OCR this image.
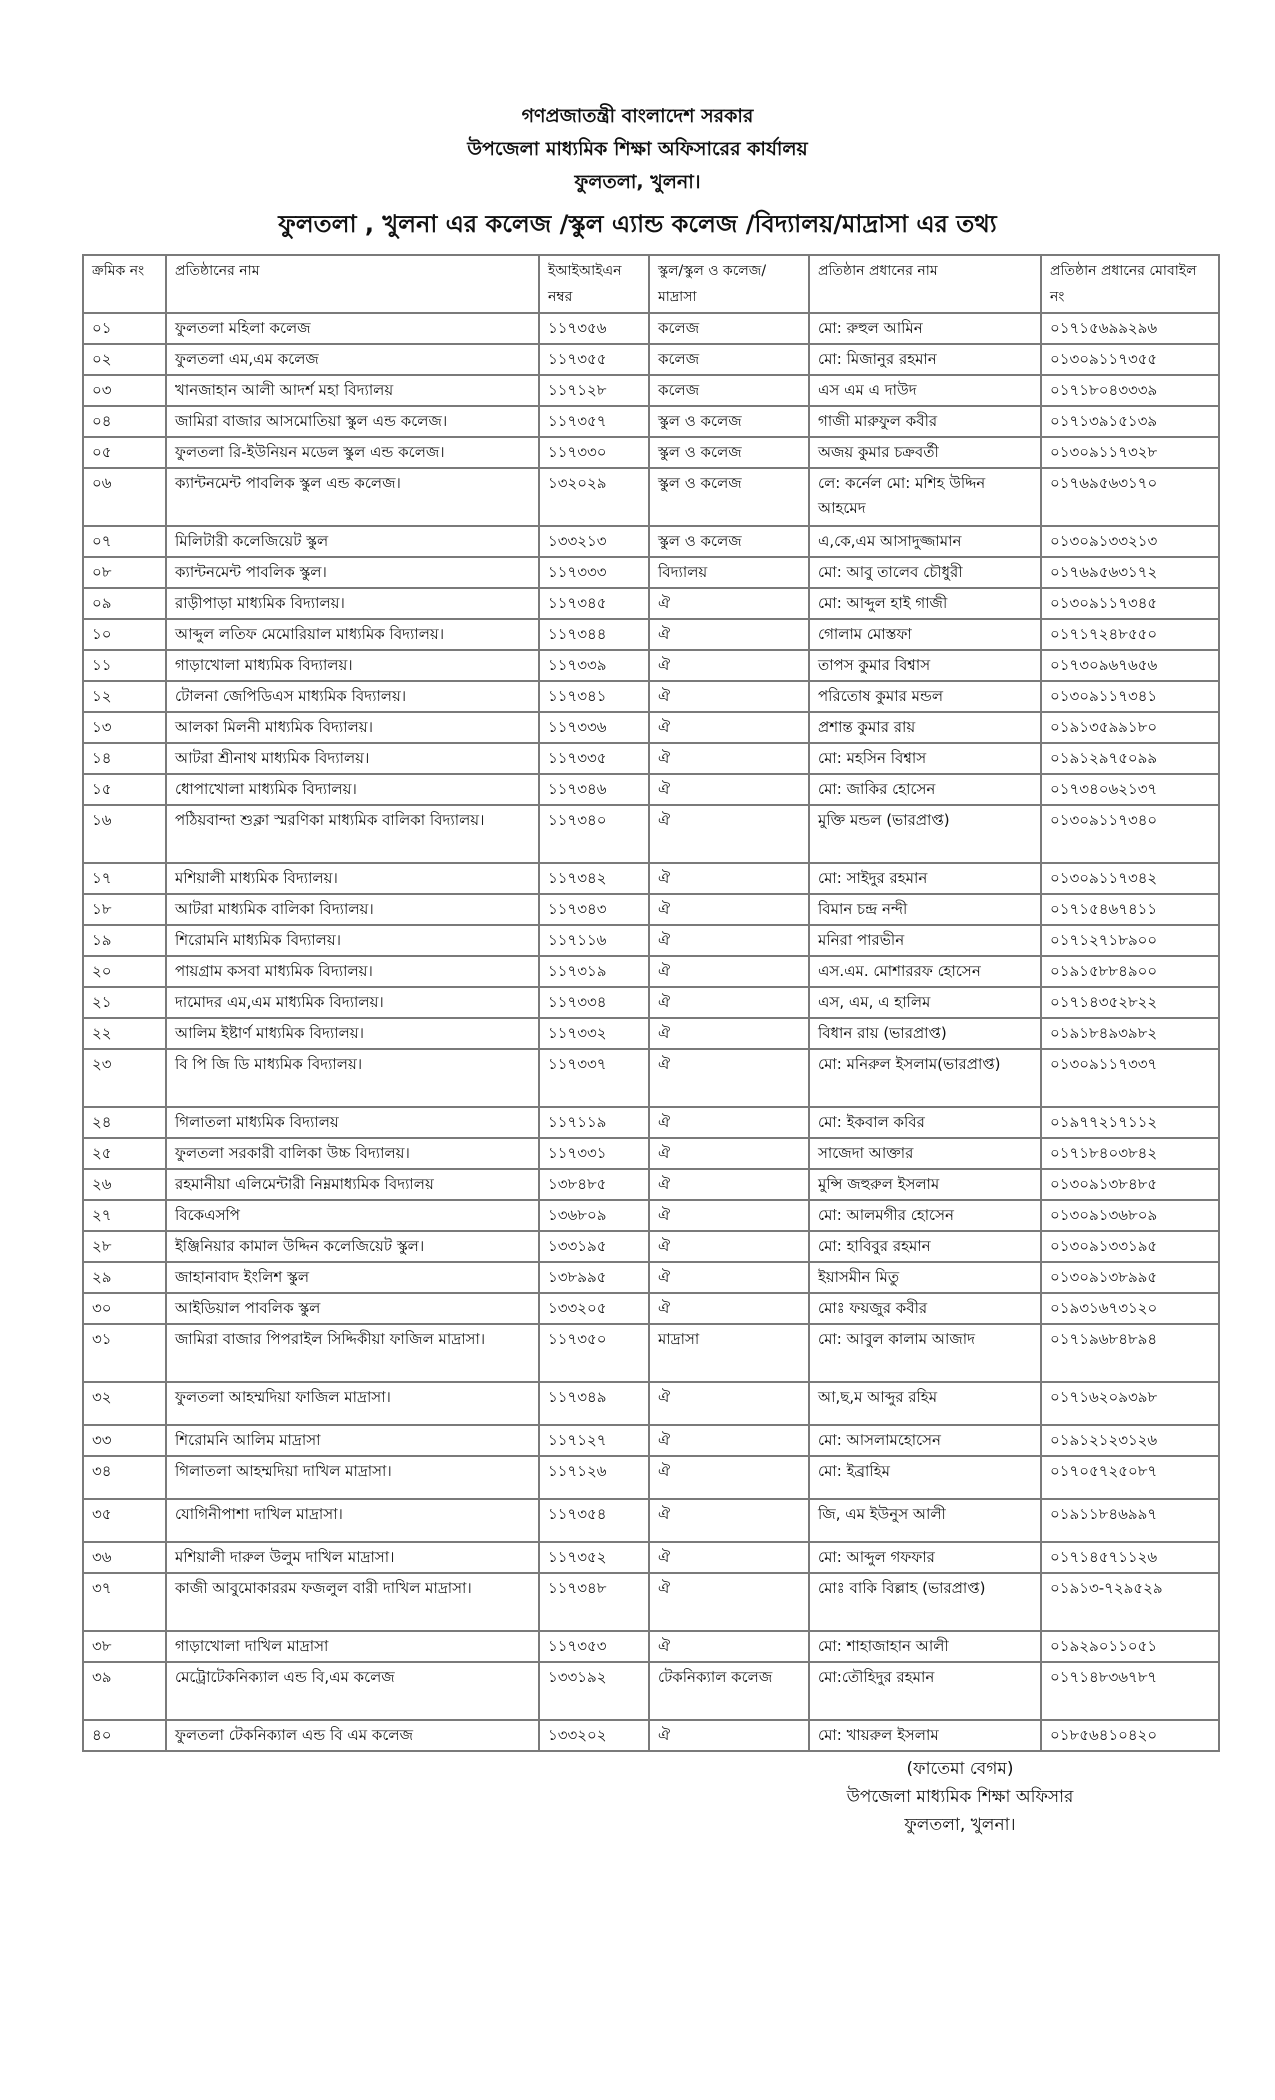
গণপ্রজাতন্ত্রী বাংলাদেশ সরকার
উপজেলা মাধ্যমিক শিক্ষা অফিসারের কার্যালয়
ফুলতলা, খুলনা।
ফুলতলা , খুলনা এর কলেজ /স্কুল এ্যান্ড কলেজ /বিদ্যালয়/মাদ্রাসা এর তথ্য
ক্রমিক নং	প্রতিষ্ঠানের নাম	ইআইআইএন নম্বর	স্কুল/স্কুল ও কলেজ/মাদ্রাসা	প্রতিষ্ঠান প্রধানের নাম	প্রতিষ্ঠান প্রধানের মোবাইল নং
০১	ফুলতলা মহিলা কলেজ	১১৭৩৫৬	কলেজ	মো: রুহুল আমিন	০১৭১৫৬৯৯২৯৬
০২	ফুলতলা এম,এম কলেজ	১১৭৩৫৫	কলেজ	মো: মিজানুর রহমান	০১৩০৯১১৭৩৫৫
০৩	খানজাহান আলী আদর্শ মহা বিদ্যালয়	১১৭১২৮	কলেজ	এস এম এ দাউদ	০১৭১৮০৪৩৩৩৯
০৪	জামিরা বাজার আসমোতিয়া স্কুল এন্ড কলেজ।	১১৭৩৫৭	স্কুল ও কলেজ	গাজী মারুফুল কবীর	০১৭১৩৯১৫১৩৯
০৫	ফুলতলা রি-ইউনিয়ন মডেল স্কুল এন্ড কলেজ।	১১৭৩৩০	স্কুল ও কলেজ	অজয় কুমার চক্রবর্তী	০১৩০৯১১৭৩২৮
০৬	ক্যান্টনমেন্ট পাবলিক স্কুল এন্ড কলেজ।	১৩২০২৯	স্কুল ও কলেজ	লে: কর্নেল মো: মশিহ উদ্দিন আহমেদ	০১৭৬৯৫৬৩১৭০
০৭	মিলিটারী কলেজিয়েট স্কুল	১৩৩২১৩	স্কুল ও কলেজ	এ,কে,এম আসাদুজ্জামান	০১৩০৯১৩৩২১৩
০৮	ক্যান্টনমেন্ট পাবলিক স্কুল।	১১৭৩৩৩	বিদ্যালয়	মো: আবু তালেব চৌধুরী	০১৭৬৯৫৬৩১৭২
০৯	রাড়ীপাড়া মাধ্যমিক বিদ্যালয়।	১১৭৩৪৫	ঐ	মো: আব্দুল হাই গাজী	০১৩০৯১১৭৩৪৫
১০	আব্দুল লতিফ মেমোরিয়াল মাধ্যমিক বিদ্যালয়।	১১৭৩৪৪	ঐ	গোলাম মোস্তফা	০১৭১৭২৪৮৫৫০
১১	গাড়াখোলা মাধ্যমিক বিদ্যালয়।	১১৭৩৩৯	ঐ	তাপস কুমার বিশ্বাস	০১৭৩০৯৬৭৬৫৬
১২	টোলনা জেপিডিএস মাধ্যমিক বিদ্যালয়।	১১৭৩৪১	ঐ	পরিতোষ কুমার মন্ডল	০১৩০৯১১৭৩৪১
১৩	আলকা মিলনী মাধ্যমিক বিদ্যালয়।	১১৭৩৩৬	ঐ	প্রশান্ত কুমার রায়	০১৯১৩৫৯৯১৮০
১৪	আটরা শ্রীনাথ মাধ্যমিক বিদ্যালয়।	১১৭৩৩৫	ঐ	মো: মহসিন বিশ্বাস	০১৯১২৯৭৫০৯৯
১৫	ধোপাখোলা মাধ্যমিক বিদ্যালয়।	১১৭৩৪৬	ঐ	মো: জাকির হোসেন	০১৭৩৪০৬২১৩৭
১৬	পঠিয়বান্দা শুক্লা স্মরণিকা মাধ্যমিক বালিকা বিদ্যালয়।	১১৭৩৪০	ঐ	মুক্তি মন্ডল (ভারপ্রাপ্ত)	০১৩০৯১১৭৩৪০
১৭	মশিয়ালী মাধ্যমিক বিদ্যালয়।	১১৭৩৪২	ঐ	মো: সাইদুর রহমান	০১৩০৯১১৭৩৪২
১৮	আটরা মাধ্যমিক বালিকা বিদ্যালয়।	১১৭৩৪৩	ঐ	বিমান চন্দ্র নন্দী	০১৭১৫৪৬৭৪১১
১৯	শিরোমনি মাধ্যমিক বিদ্যালয়।	১১৭১১৬	ঐ	মনিরা পারভীন	০১৭১২৭১৮৯০০
২০	পায়গ্রাম কসবা মাধ্যমিক বিদ্যালয়।	১১৭৩১৯	ঐ	এস.এম. মোশাররফ হোসেন	০১৯১৫৮৮৪৯০০
২১	দামোদর এম,এম মাধ্যমিক বিদ্যালয়।	১১৭৩৩৪	ঐ	এস, এম, এ হালিম	০১৭১৪৩৫২৮২২
২২	আলিম ইষ্টার্ণ মাধ্যমিক বিদ্যালয়।	১১৭৩৩২	ঐ	বিধান রায় (ভারপ্রাপ্ত)	০১৯১৮৪৯৩৯৮২
২৩	বি পি জি ডি মাধ্যমিক বিদ্যালয়।	১১৭৩৩৭	ঐ	মো: মনিরুল ইসলাম(ভারপ্রাপ্ত)	০১৩০৯১১৭৩৩৭
২৪	গিলাতলা মাধ্যমিক বিদ্যালয়	১১৭১১৯	ঐ	মো: ইকবাল কবির	০১৯৭৭২১৭১১২
২৫	ফুলতলা সরকারী বালিকা উচ্চ বিদ্যালয়।	১১৭৩৩১	ঐ	সাজেদা আক্তার	০১৭১৮৪০৩৮৪২
২৬	রহমানীয়া এলিমেন্টারী নিম্নমাধ্যমিক বিদ্যালয়	১৩৮৪৮৫	ঐ	মুন্সি জহুরুল ইসলাম	০১৩০৯১৩৮৪৮৫
২৭	বিকেএসপি	১৩৬৮০৯	ঐ	মো: আলমগীর হোসেন	০১৩০৯১৩৬৮০৯
২৮	ইঞ্জিনিয়ার কামাল উদ্দিন কলেজিয়েট স্কুল।	১৩৩১৯৫	ঐ	মো: হাবিবুর রহমান	০১৩০৯১৩৩১৯৫
২৯	জাহানাবাদ ইংলিশ স্কুল	১৩৮৯৯৫	ঐ	ইয়াসমীন মিতু	০১৩০৯১৩৮৯৯৫
৩০	আইডিয়াল পাবলিক স্কুল	১৩৩২০৫	ঐ	মোঃ ফয়জুর কবীর	০১৯৩১৬৭৩১২০
৩১	জামিরা বাজার পিপরাইল সিদ্দিকীয়া ফাজিল মাদ্রাসা।	১১৭৩৫০	মাদ্রাসা	মো: আবুল কালাম আজাদ	০১৭১৯৬৮৪৮৯৪
৩২	ফুলতলা আহম্মদিয়া ফাজিল মাদ্রাসা।	১১৭৩৪৯	ঐ	আ,ছ,ম আব্দুর রহিম	০১৭১৬২০৯৩৯৮
৩৩	শিরোমনি আলিম মাদ্রাসা	১১৭১২৭	ঐ	মো: আসলামহোসেন	০১৯১২১২৩১২৬
৩৪	গিলাতলা আহম্মদিয়া দাখিল মাদ্রাসা।	১১৭১২৬	ঐ	মো: ইব্রাহিম	০১৭০৫৭২৫০৮৭
৩৫	যোগিনীপাশা দাখিল মাদ্রাসা।	১১৭৩৫৪	ঐ	জি, এম ইউনুস আলী	০১৯১১৮৪৬৯৯৭
৩৬	মশিয়ালী দারুল উলুম দাখিল মাদ্রাসা।	১১৭৩৫২	ঐ	মো: আব্দুল গফফার	০১৭১৪৫৭১১২৬
৩৭	কাজী আবুমোকাররম ফজলুল বারী দাখিল মাদ্রাসা।	১১৭৩৪৮	ঐ	মোঃ বাকি বিল্লাহ (ভারপ্রাপ্ত)	০১৯১৩-৭২৯৫২৯
৩৮	গাড়াখোলা দাখিল মাদ্রাসা	১১৭৩৫৩	ঐ	মো: শাহাজাহান আলী	০১৯২৯০১১০৫১
৩৯	মেট্রোটেকনিক্যাল এন্ড বি,এম কলেজ	১৩৩১৯২	টেকনিক্যাল কলেজ	মো:তৌহিদুর রহমান	০১৭১৪৮৩৬৭৮৭
৪০	ফুলতলা টেকনিক্যাল এন্ড বি এম কলেজ	১৩৩২০২	ঐ	মো: খায়রুল ইসলাম	০১৮৫৬৪১০৪২০
(ফাতেমা বেগম)
উপজেলা মাধ্যমিক শিক্ষা অফিসার
ফুলতলা, খুলনা।
